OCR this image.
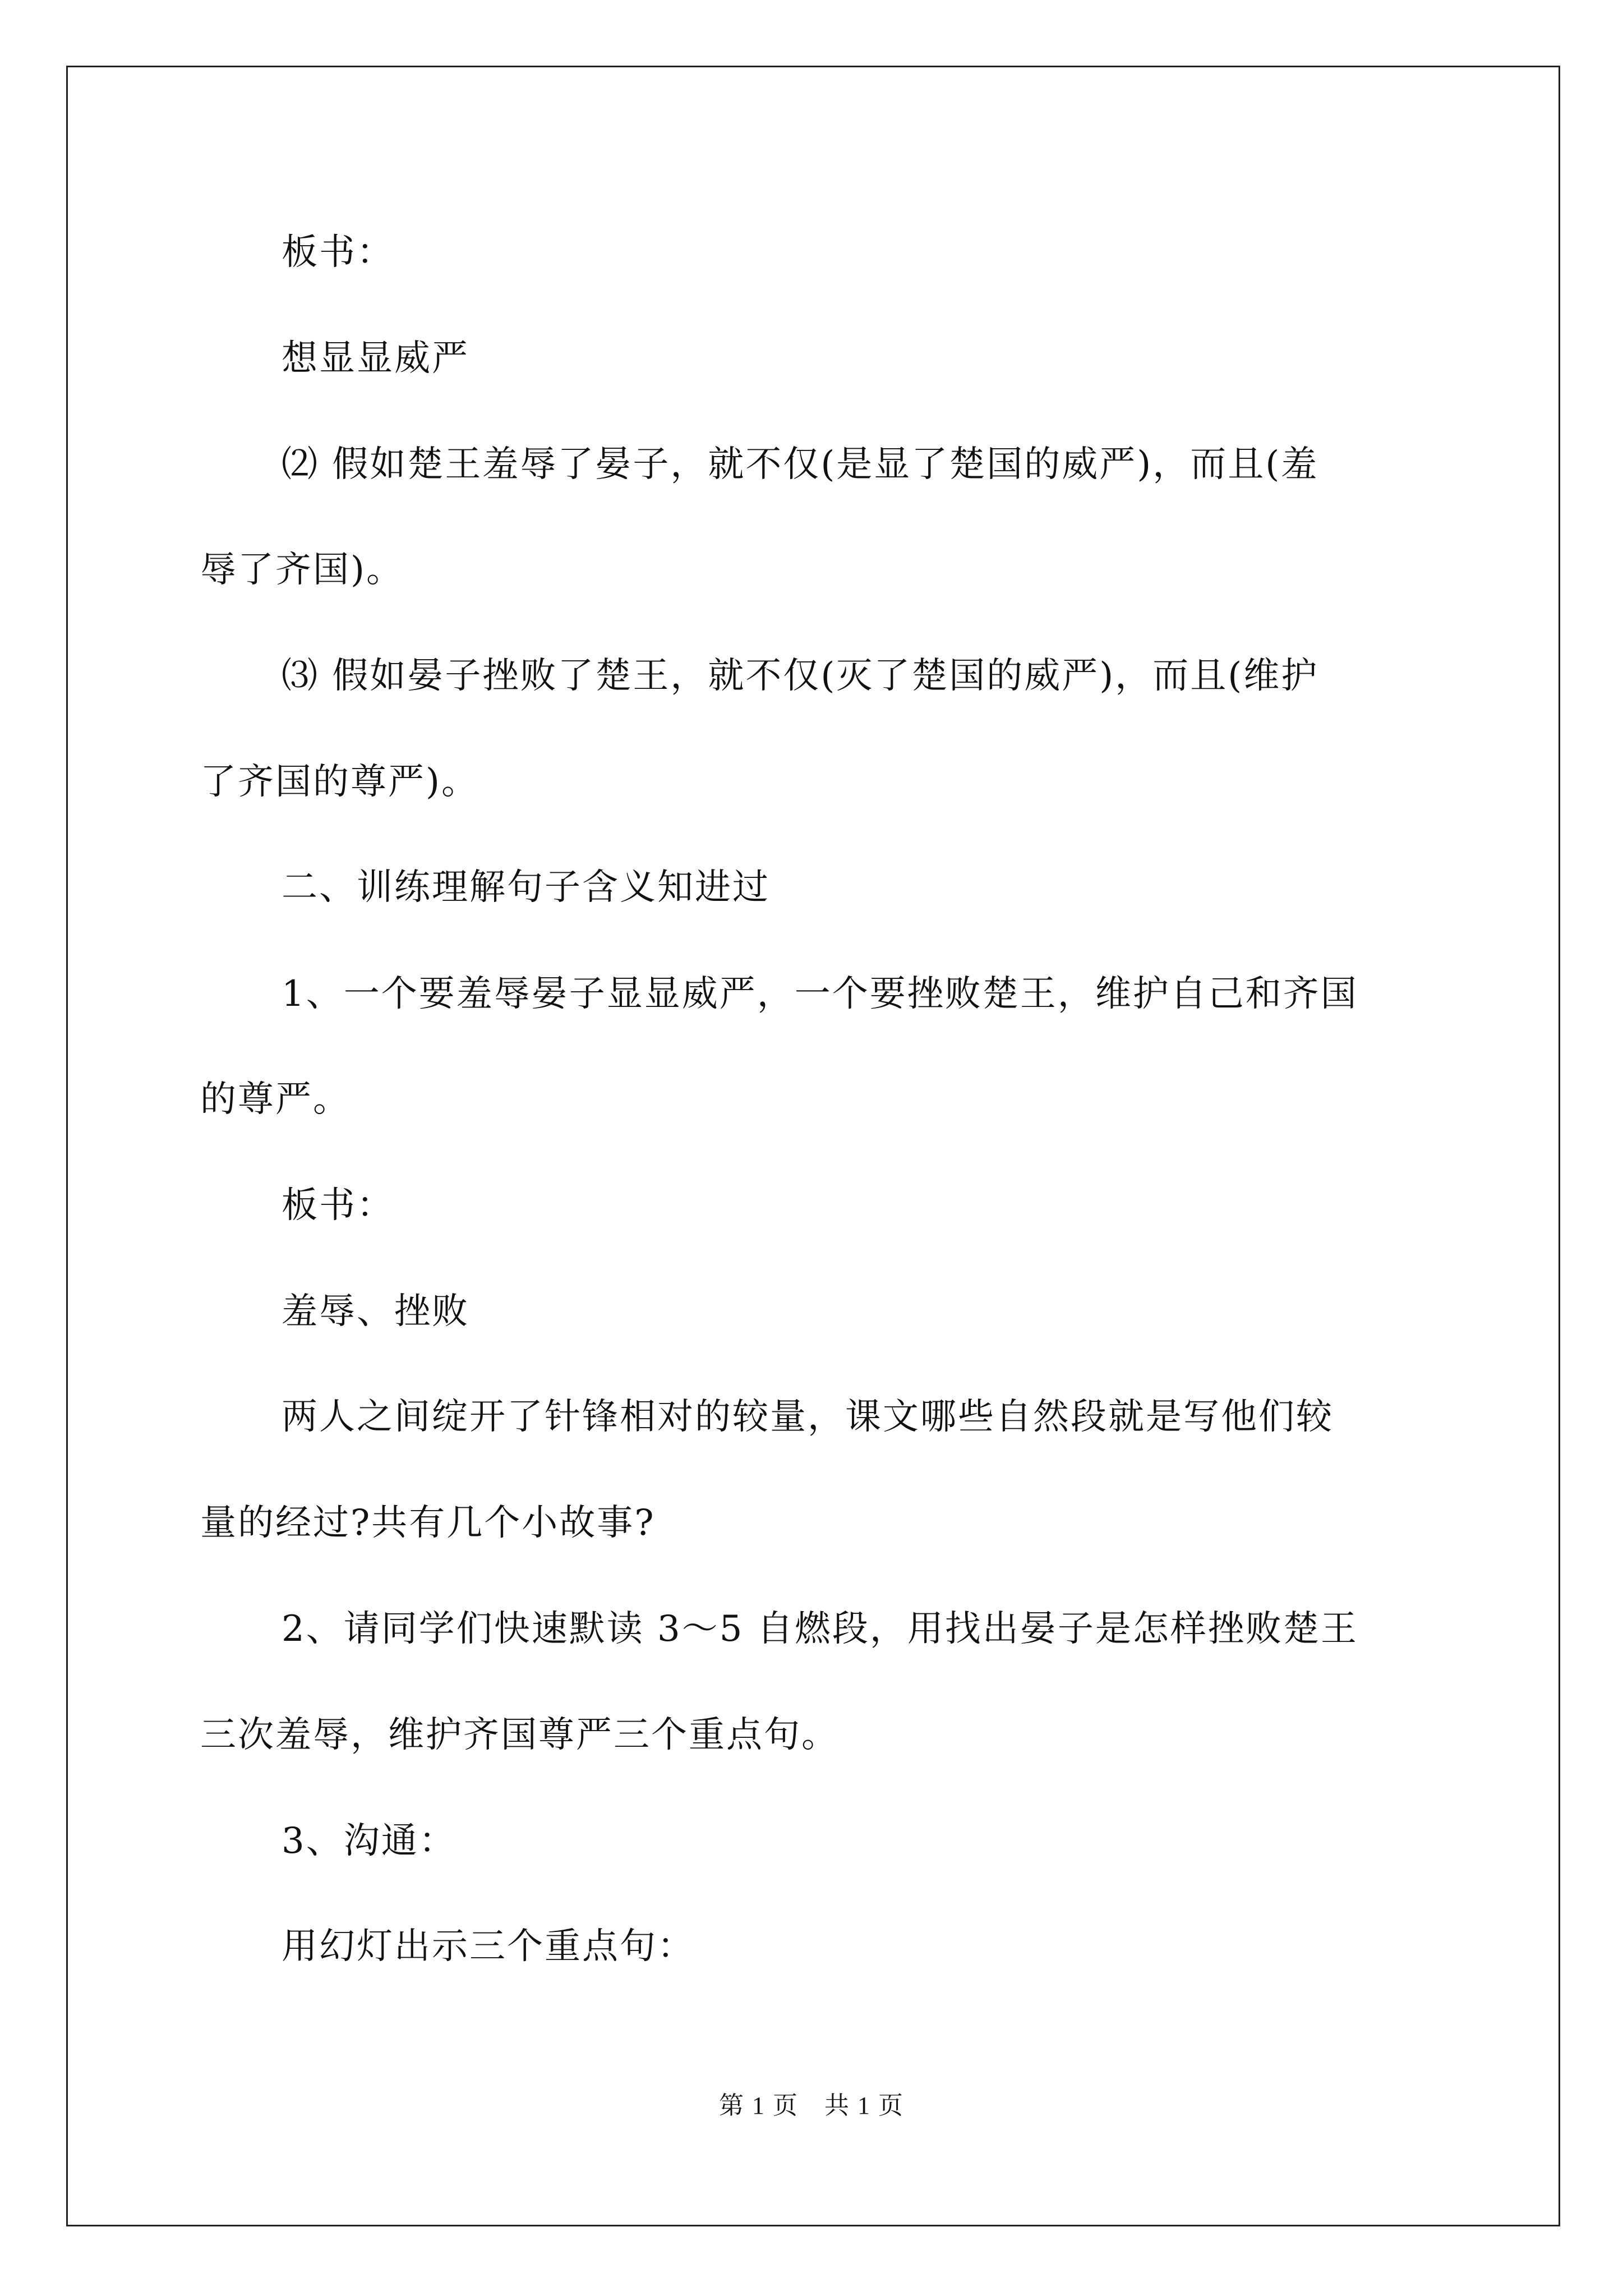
板书：
想显显威严
⑵ 假如楚王羞辱了晏子，就不仅(是显了楚国的威严)，而且(羞
辱了齐国)。
⑶ 假如晏子挫败了楚王，就不仅(灭了楚国的威严)，而且(维护
了齐国的尊严)。
二、训练理解句子含义知进过
1、一个要羞辱晏子显显威严，一个要挫败楚王，维护自己和齐国
的尊严。
板书：
羞辱、挫败
两人之间绽开了针锋相对的较量，课文哪些自然段就是写他们较
量的经过?共有几个小故事?
2、请同学们快速默读 3～5 自燃段，用找出晏子是怎样挫败楚王
三次羞辱，维护齐国尊严三个重点句。
3、沟通：
用幻灯出示三个重点句：
第 1 页　共 1 页
